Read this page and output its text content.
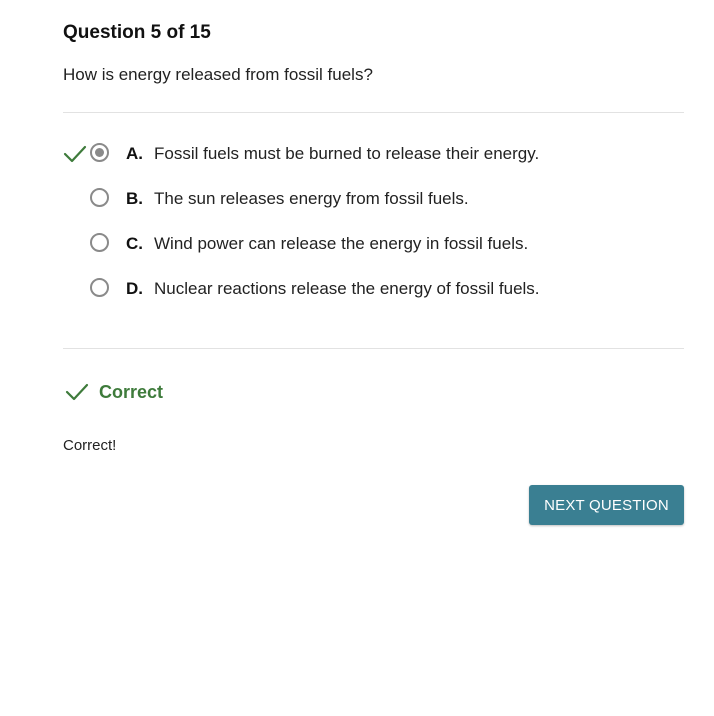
Question 5 of 15
How is energy released from fossil fuels?
A. Fossil fuels must be burned to release their energy.
B. The sun releases energy from fossil fuels.
C. Wind power can release the energy in fossil fuels.
D. Nuclear reactions release the energy of fossil fuels.
Correct
Correct!
NEXT QUESTION
